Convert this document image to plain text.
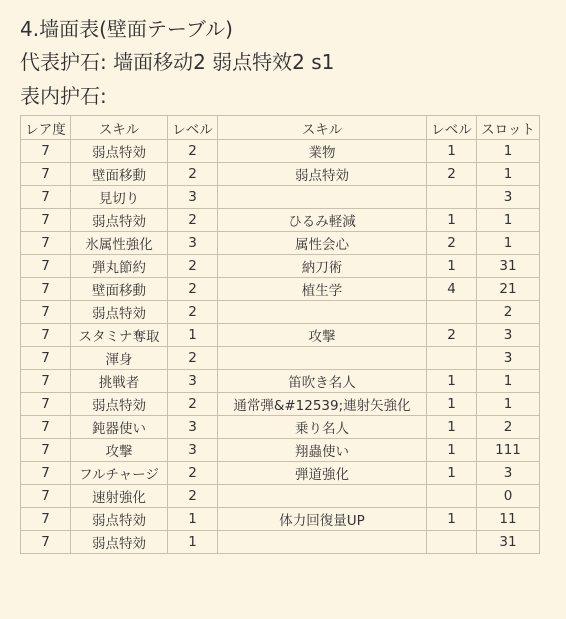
4.墙面表(壁面テーブル)
代表护石: 墙面移动2 弱点特效2 s1
表内护石:
レア度	スキル	レベル	スキル	レベル	スロット
7	弱点特効	2	業物	1	1
7	壁面移動	2	弱点特効	2	1
7	見切り	3			3
7	弱点特効	2	ひるみ軽減	1	1
7	氷属性強化	3	属性会心	2	1
7	弾丸節約	2	納刀術	1	31
7	壁面移動	2	植生学	4	21
7	弱点特効	2			2
7	スタミナ奪取	1	攻撃	2	3
7	渾身	2			3
7	挑戦者	3	笛吹き名人	1	1
7	弱点特効	2	通常弾&#12539;連射矢強化	1	1
7	鈍器使い	3	乗り名人	1	2
7	攻撃	3	翔蟲使い	1	111
7	フルチャージ	2	弾道強化	1	3
7	速射強化	2			0
7	弱点特効	1	体力回復量UP	1	11
7	弱点特効	1			31
